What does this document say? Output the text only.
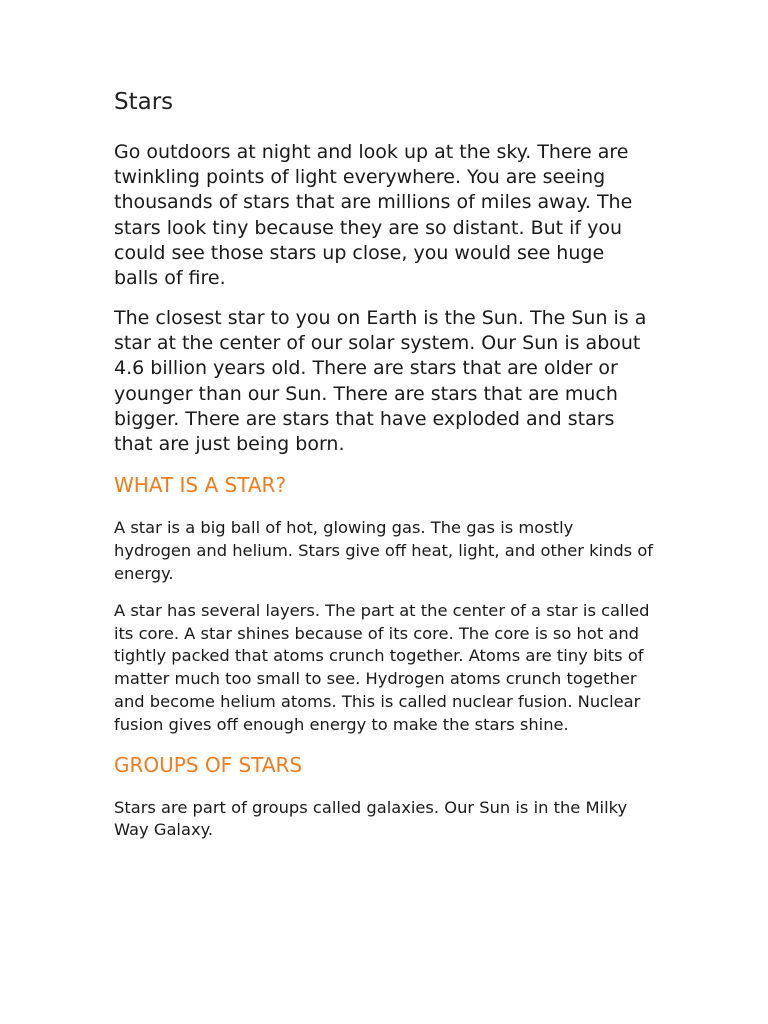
Stars

Go outdoors at night and look up at the sky. There are twinkling points of light everywhere. You are seeing thousands of stars that are millions of miles away. The stars look tiny because they are so distant. But if you could see those stars up close, you would see huge balls of fire.

The closest star to you on Earth is the Sun. The Sun is a star at the center of our solar system. Our Sun is about 4.6 billion years old. There are stars that are older or younger than our Sun. There are stars that are much bigger. There are stars that have exploded and stars that are just being born.

WHAT IS A STAR?

A star is a big ball of hot, glowing gas. The gas is mostly hydrogen and helium. Stars give off heat, light, and other kinds of energy.

A star has several layers. The part at the center of a star is called its core. A star shines because of its core. The core is so hot and tightly packed that atoms crunch together. Atoms are tiny bits of matter much too small to see. Hydrogen atoms crunch together and become helium atoms. This is called nuclear fusion. Nuclear fusion gives off enough energy to make the stars shine.

GROUPS OF STARS

Stars are part of groups called galaxies. Our Sun is in the Milky Way Galaxy.
